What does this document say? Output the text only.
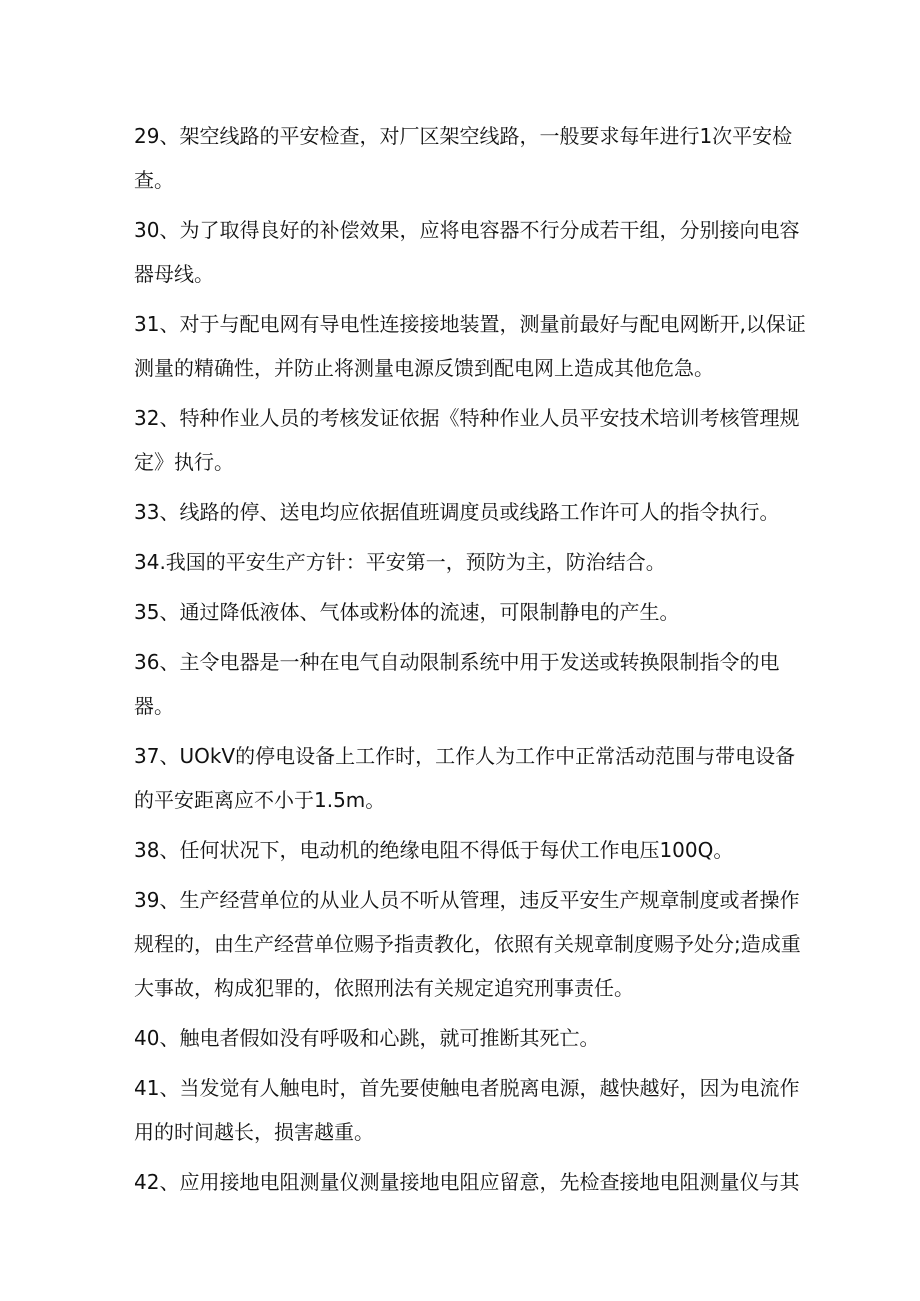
29、架空线路的平安检查，对厂区架空线路，一般要求每年进行1次平安检查。

30、为了取得良好的补偿效果，应将电容器不行分成若干组，分别接向电容器母线。

31、对于与配电网有导电性连接接地装置，测量前最好与配电网断开,以保证测量的精确性，并防止将测量电源反馈到配电网上造成其他危急。

32、特种作业人员的考核发证依据《特种作业人员平安技术培训考核管理规定》执行。

33、线路的停、送电均应依据值班调度员或线路工作许可人的指令执行。

34.我国的平安生产方针：平安第一，预防为主，防治结合。

35、通过降低液体、气体或粉体的流速，可限制静电的产生。

36、主令电器是一种在电气自动限制系统中用于发送或转换限制指令的电器。

37、UOkV的停电设备上工作时，工作人为工作中正常活动范围与带电设备的平安距离应不小于1.5m。

38、任何状况下，电动机的绝缘电阻不得低于每伏工作电压100Q。

39、生产经营单位的从业人员不听从管理，违反平安生产规章制度或者操作规程的，由生产经营单位赐予指责教化，依照有关规章制度赐予处分;造成重大事故，构成犯罪的，依照刑法有关规定追究刑事责任。

40、触电者假如没有呼吸和心跳，就可推断其死亡。

41、当发觉有人触电时，首先要使触电者脱离电源，越快越好，因为电流作用的时间越长，损害越重。

42、应用接地电阻测量仪测量接地电阻应留意，先检查接地电阻测量仪与其
